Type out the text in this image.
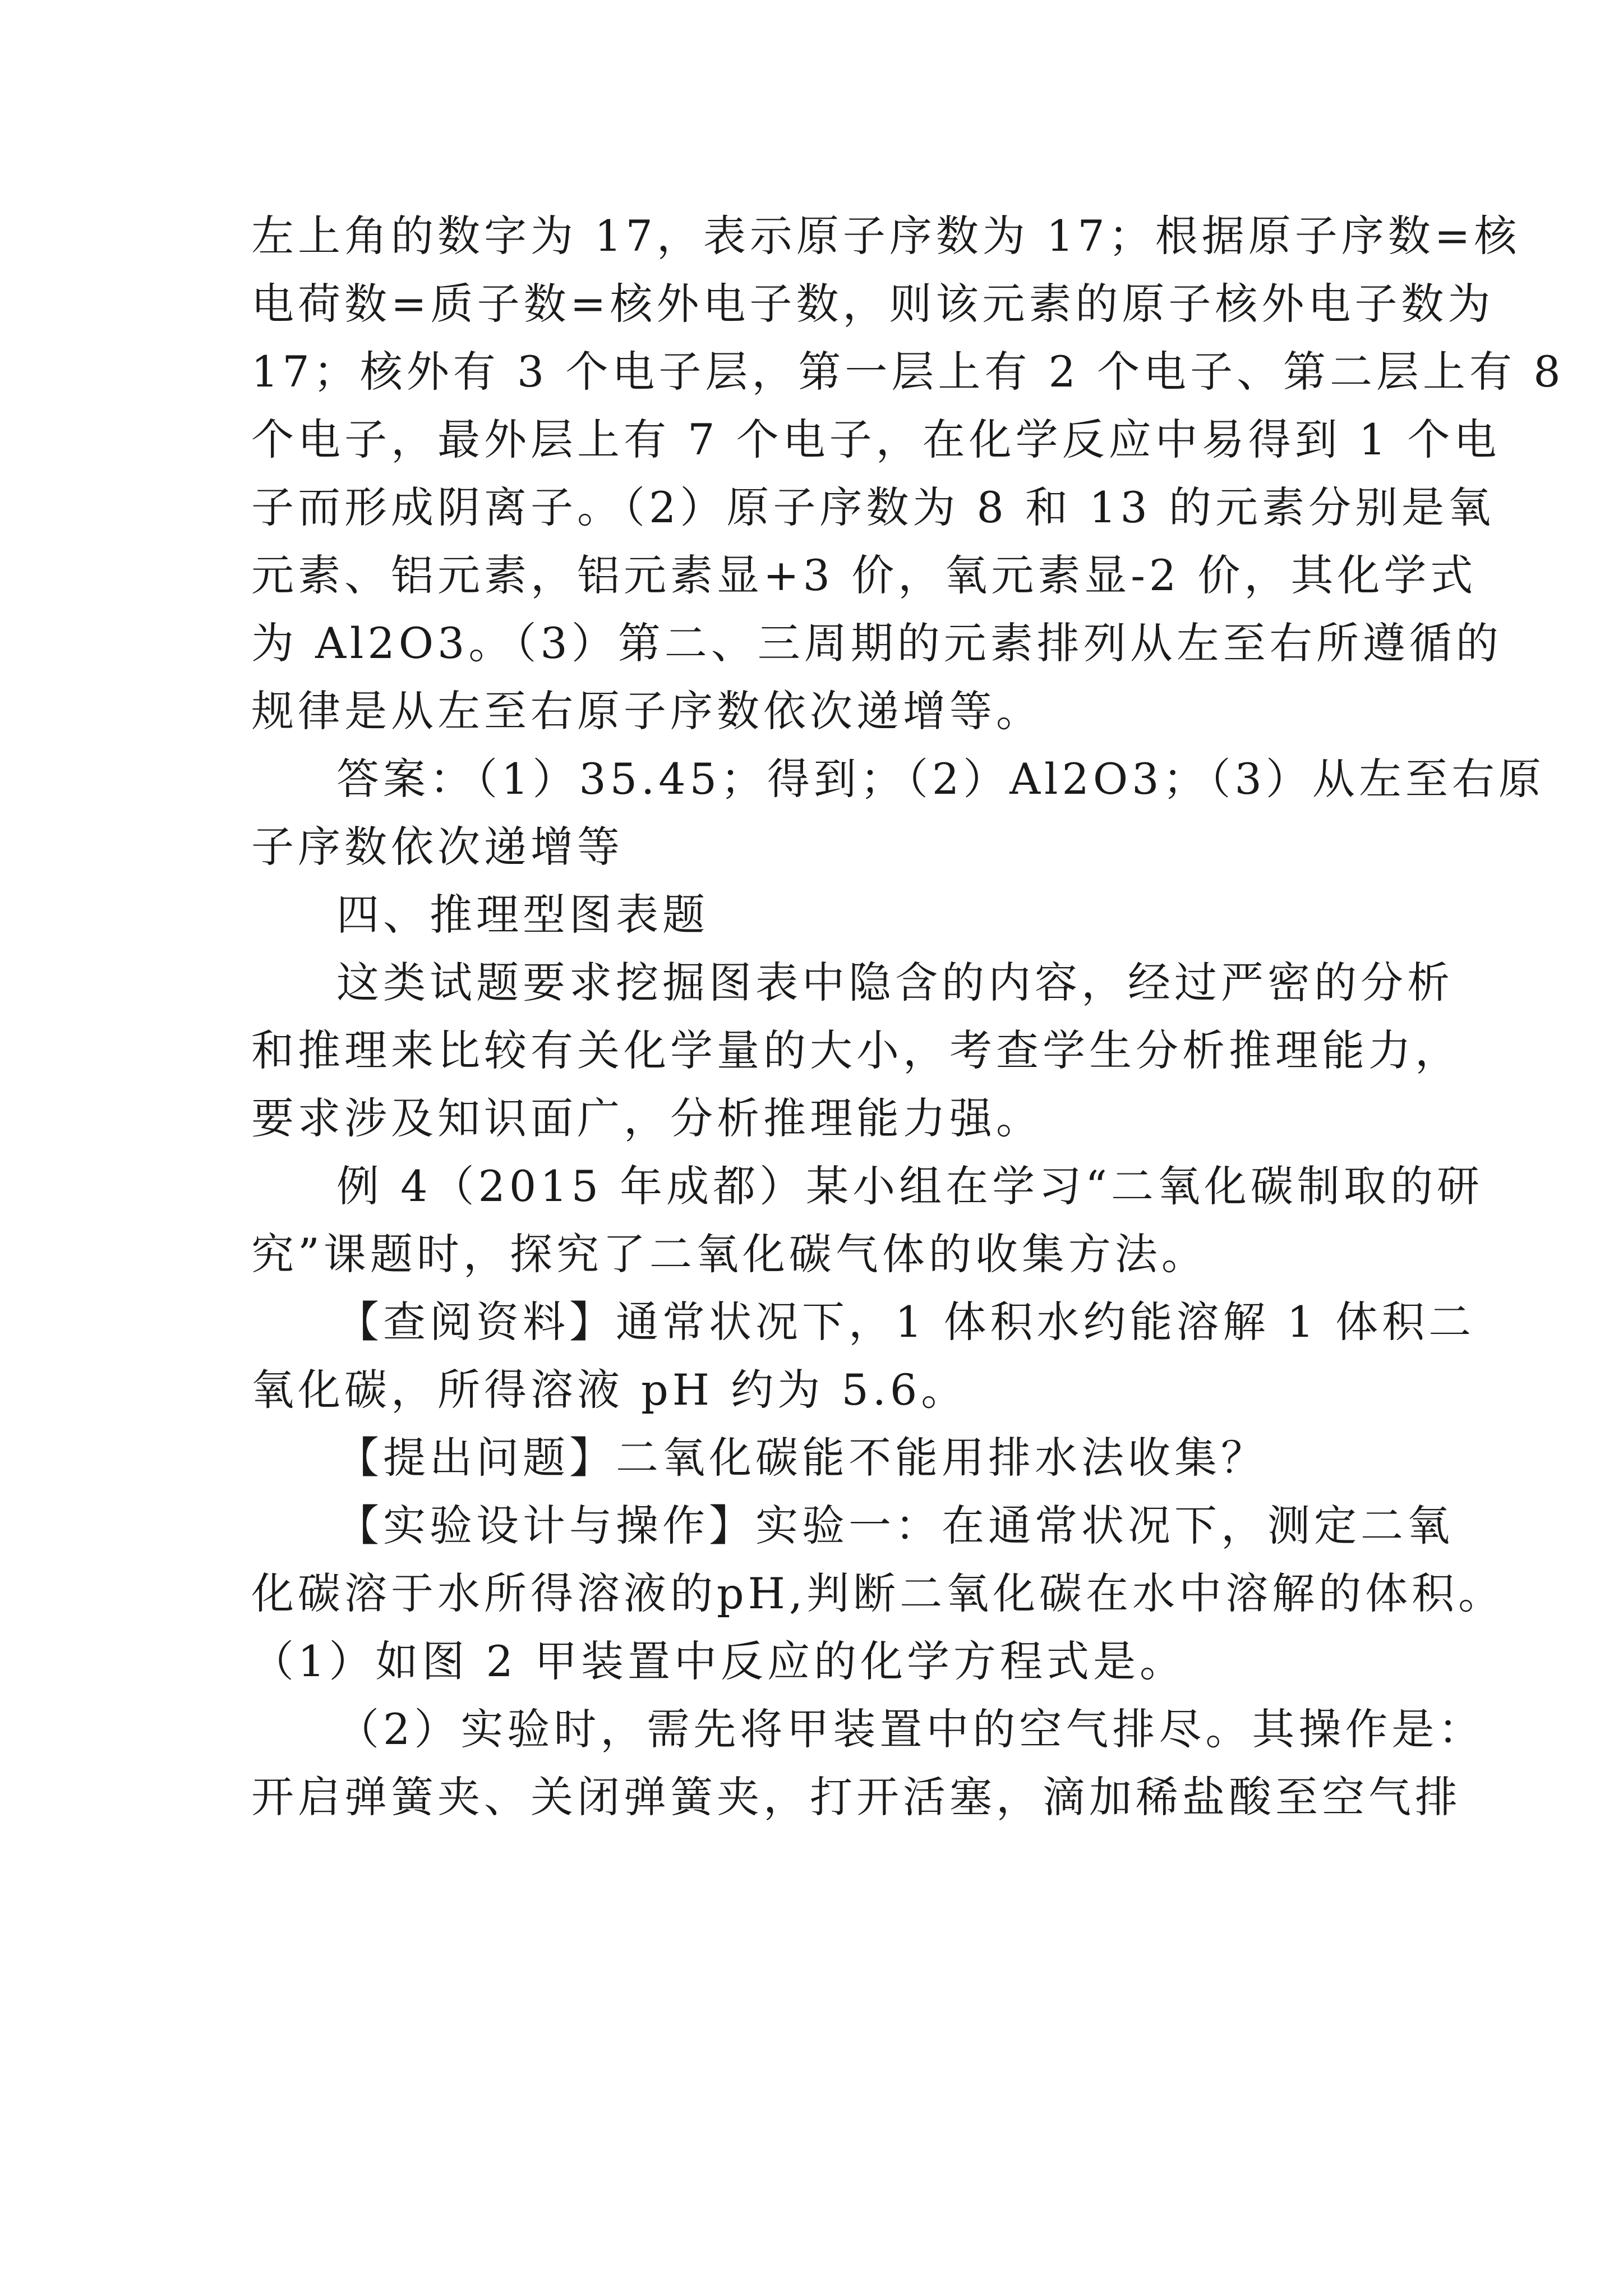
左上角的数字为 17，表示原子序数为 17；根据原子序数=核
电荷数=质子数=核外电子数，则该元素的原子核外电子数为
17；核外有 3 个电子层，第一层上有 2 个电子、第二层上有 8
个电子，最外层上有 7 个电子，在化学反应中易得到 1 个电
子而形成阴离子。（2）原子序数为 8 和 13 的元素分别是氧
元素、铝元素，铝元素显+3 价，氧元素显-2 价，其化学式
为 Al2O3。（3）第二、三周期的元素排列从左至右所遵循的
规律是从左至右原子序数依次递增等。
答案：（1）35.45；得到；（2）Al2O3；（3）从左至右原
子序数依次递增等
四、推理型图表题
这类试题要求挖掘图表中隐含的内容，经过严密的分析
和推理来比较有关化学量的大小，考查学生分析推理能力，
要求涉及知识面广，分析推理能力强。
例 4（2015 年成都）某小组在学习“二氧化碳制取的研
究”课题时，探究了二氧化碳气体的收集方法。
【查阅资料】通常状况下，1 体积水约能溶解 1 体积二
氧化碳，所得溶液 pH 约为 5.6。
【提出问题】二氧化碳能不能用排水法收集？
【实验设计与操作】实验一：在通常状况下，测定二氧
化碳溶于水所得溶液的pH,判断二氧化碳在水中溶解的体积。
（1）如图 2 甲装置中反应的化学方程式是。
（2）实验时，需先将甲装置中的空气排尽。其操作是：
开启弹簧夹、关闭弹簧夹，打开活塞，滴加稀盐酸至空气排
